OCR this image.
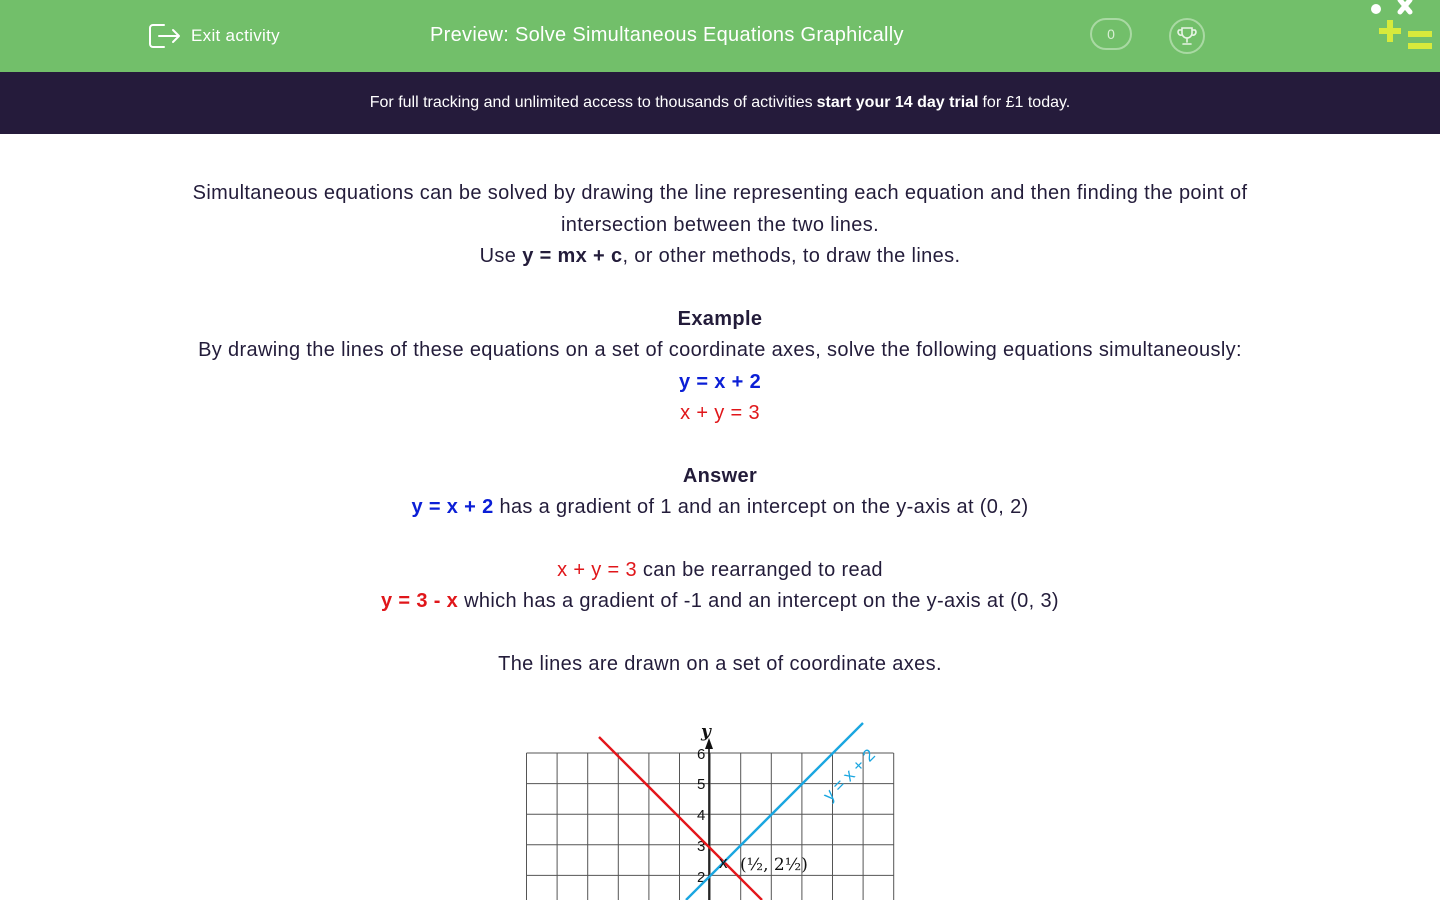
Exit activity	Preview: Solve Simultaneous Equations Graphically	0
For full tracking and unlimited access to thousands of activities start your 14 day trial for £1 today.

Simultaneous equations can be solved by drawing the line representing each equation and then finding the point of

intersection between the two lines.

Use y = mx + c, or other methods, to draw the lines.

Example

By drawing the lines of these equations on a set of coordinate axes, solve the following equations simultaneously:

y = x + 2

x + y = 3

Answer

y = x + 2 has a gradient of 1 and an intercept on the y-axis at (0, 2)

x + y = 3 can be rearranged to read

y = 3 - x which has a gradient of -1 and an intercept on the y-axis at (0, 3)

The lines are drawn on a set of coordinate axes.

y
6
5
4
3
2
y = x + 2
x (½, 2½)
